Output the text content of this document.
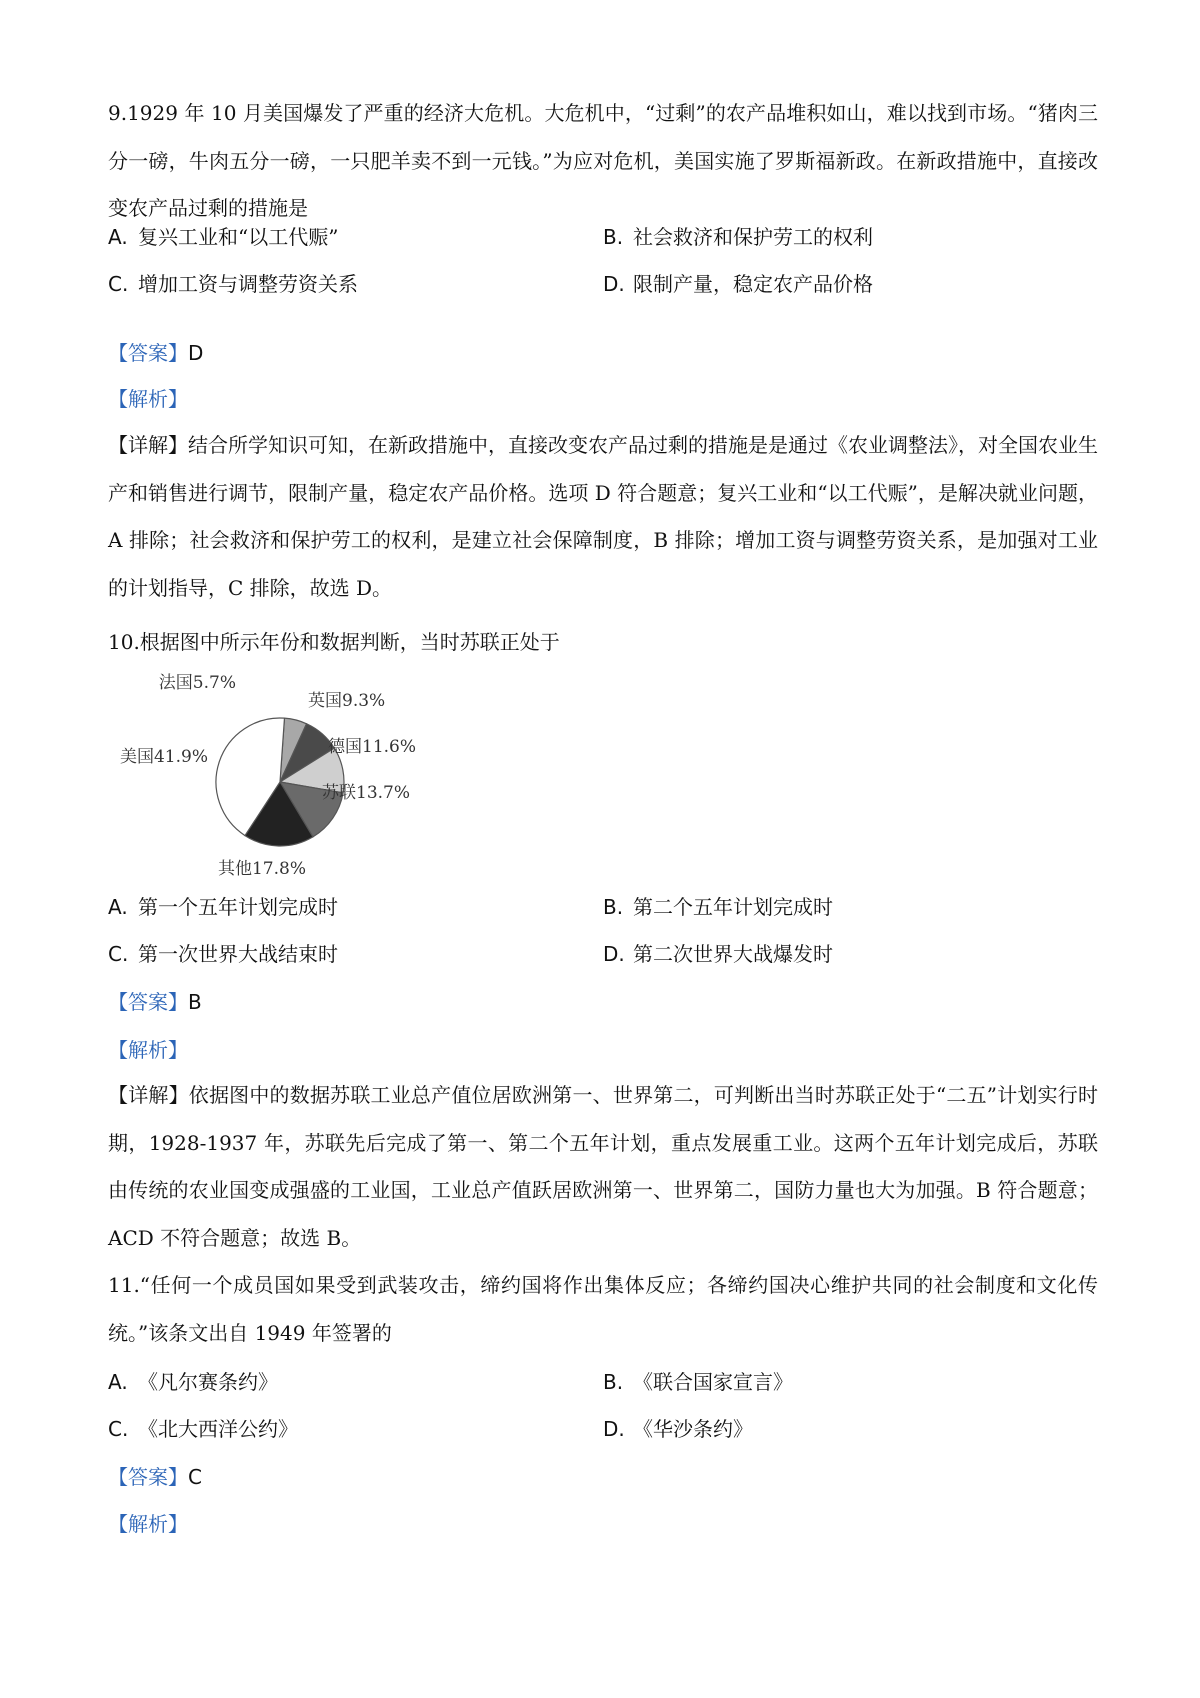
9.1929 年 10 月美国爆发了严重的经济大危机。大危机中，“过剩”的农产品堆积如山，难以找到市场。“猪肉三分一磅，牛肉五分一磅，一只肥羊卖不到一元钱。”为应对危机，美国实施了罗斯福新政。在新政措施中，直接改变农产品过剩的措施是
A. 复兴工业和“以工代赈”	B. 社会救济和保护劳工的权利
C. 增加工资与调整劳资关系	D. 限制产量，稳定农产品价格
【答案】D
【解析】
【详解】结合所学知识可知，在新政措施中，直接改变农产品过剩的措施是是通过《农业调整法》，对全国农业生产和销售进行调节，限制产量，稳定农产品价格。选项 D 符合题意；复兴工业和“以工代赈”，是解决就业问题，A 排除；社会救济和保护劳工的权利，是建立社会保障制度，B 排除；增加工资与调整劳资关系，是加强对工业的计划指导，C 排除，故选 D。
10.根据图中所示年份和数据判断，当时苏联正处于
法国5.7%
英国9.3%
德国11.6%
苏联13.7%
其他17.8%
美国41.9%
A. 第一个五年计划完成时	B. 第二个五年计划完成时
C. 第一次世界大战结束时	D. 第二次世界大战爆发时
【答案】B
【解析】
【详解】依据图中的数据苏联工业总产值位居欧洲第一、世界第二，可判断出当时苏联正处于“二五”计划实行时期，1928-1937 年，苏联先后完成了第一、第二个五年计划，重点发展重工业。这两个五年计划完成后，苏联由传统的农业国变成强盛的工业国，工业总产值跃居欧洲第一、世界第二，国防力量也大为加强。B 符合题意；ACD 不符合题意；故选 B。
11.“任何一个成员国如果受到武装攻击，缔约国将作出集体反应；各缔约国决心维护共同的社会制度和文化传统。”该条文出自 1949 年签署的
A. 《凡尔赛条约》	B. 《联合国家宣言》
C. 《北大西洋公约》	D. 《华沙条约》
【答案】C
【解析】
